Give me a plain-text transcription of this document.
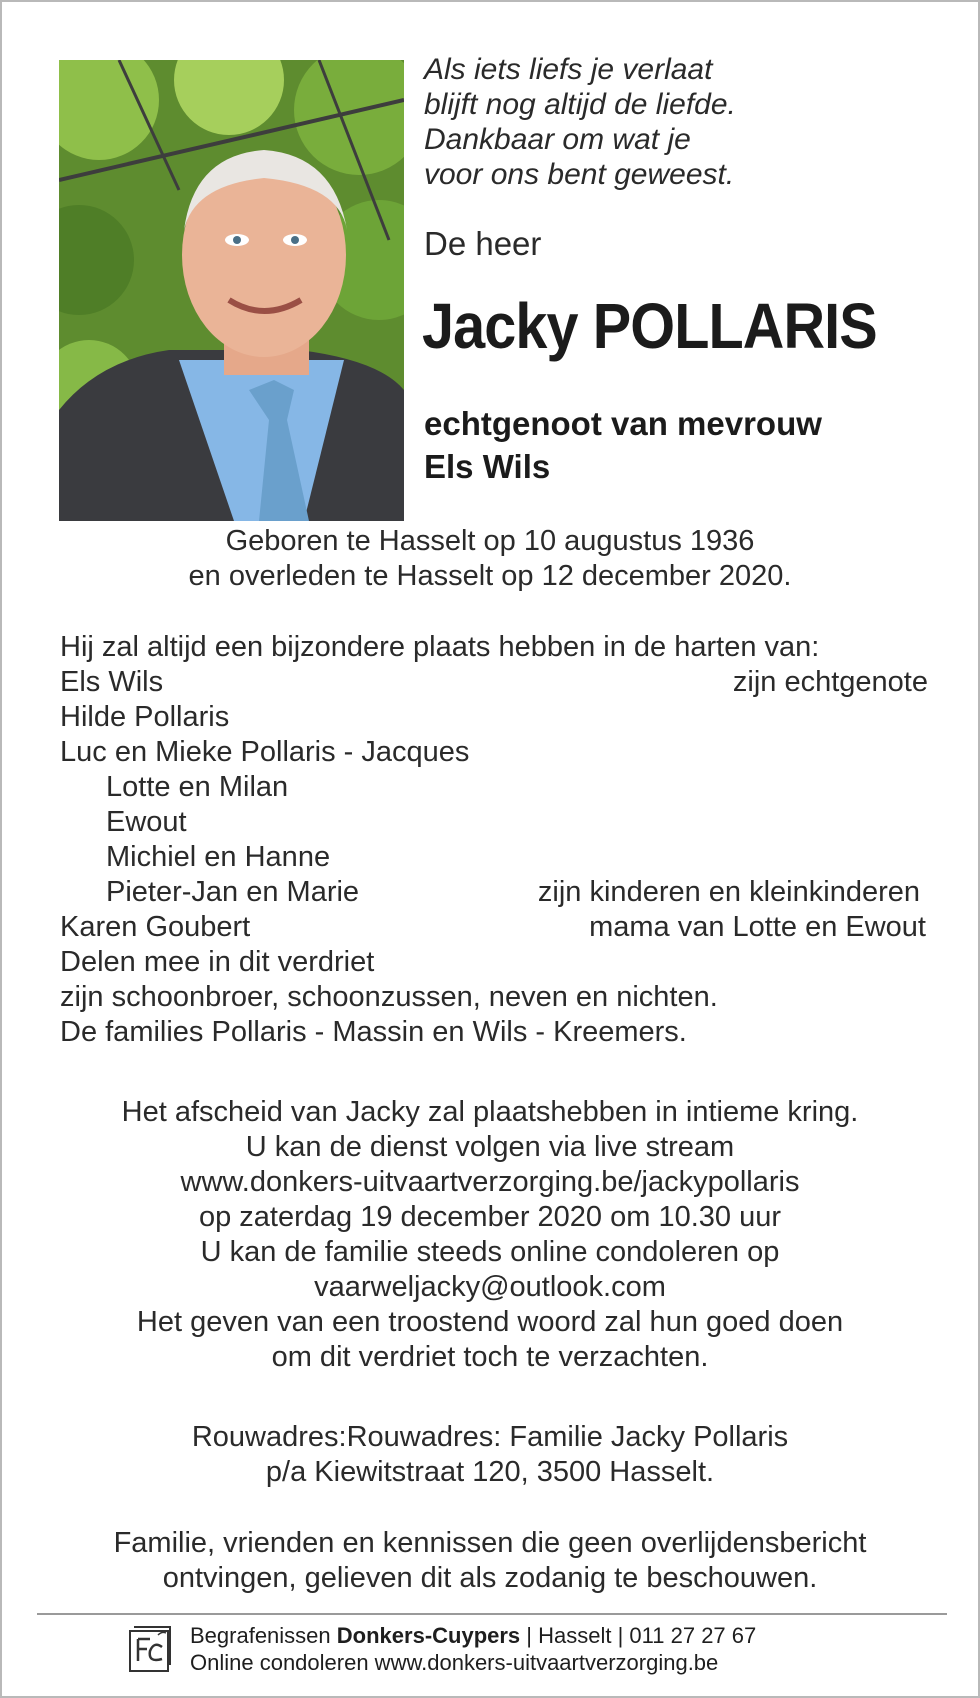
Als iets liefs je verlaat
blijft nog altijd de liefde.
Dankbaar om wat je
voor ons bent geweest.
De heer
Jacky POLLARIS
echtgenoot van mevrouw
Els Wils
Geboren te Hasselt op 10 augustus 1936
en overleden te Hasselt op 12 december 2020.
Hij zal altijd een bijzondere plaats hebben in de harten van:
Els Wils	zijn echtgenote
Hilde Pollaris
Luc en Mieke Pollaris - Jacques
Lotte en Milan
Ewout
Michiel en Hanne
Pieter-Jan en Marie	zijn kinderen en kleinkinderen
Karen Goubert	mama van Lotte en Ewout
Delen mee in dit verdriet
zijn schoonbroer, schoonzussen, neven en nichten.
De families Pollaris - Massin en Wils - Kreemers.
Het afscheid van Jacky zal plaatshebben in intieme kring.
U kan de dienst volgen via live stream
www.donkers-uitvaartverzorging.be/jackypollaris
op zaterdag 19 december 2020 om 10.30 uur
U kan de familie steeds online condoleren op
vaarweljacky@outlook.com
Het geven van een troostend woord zal hun goed doen
om dit verdriet toch te verzachten.
Rouwadres:Rouwadres: Familie Jacky Pollaris
p/a Kiewitstraat 120, 3500 Hasselt.
Familie, vrienden en kennissen die geen overlijdensbericht
ontvingen, gelieven dit als zodanig te beschouwen.
Begrafenissen Donkers-Cuypers | Hasselt | 011 27 27 67
Online condoleren www.donkers-uitvaartverzorging.be
